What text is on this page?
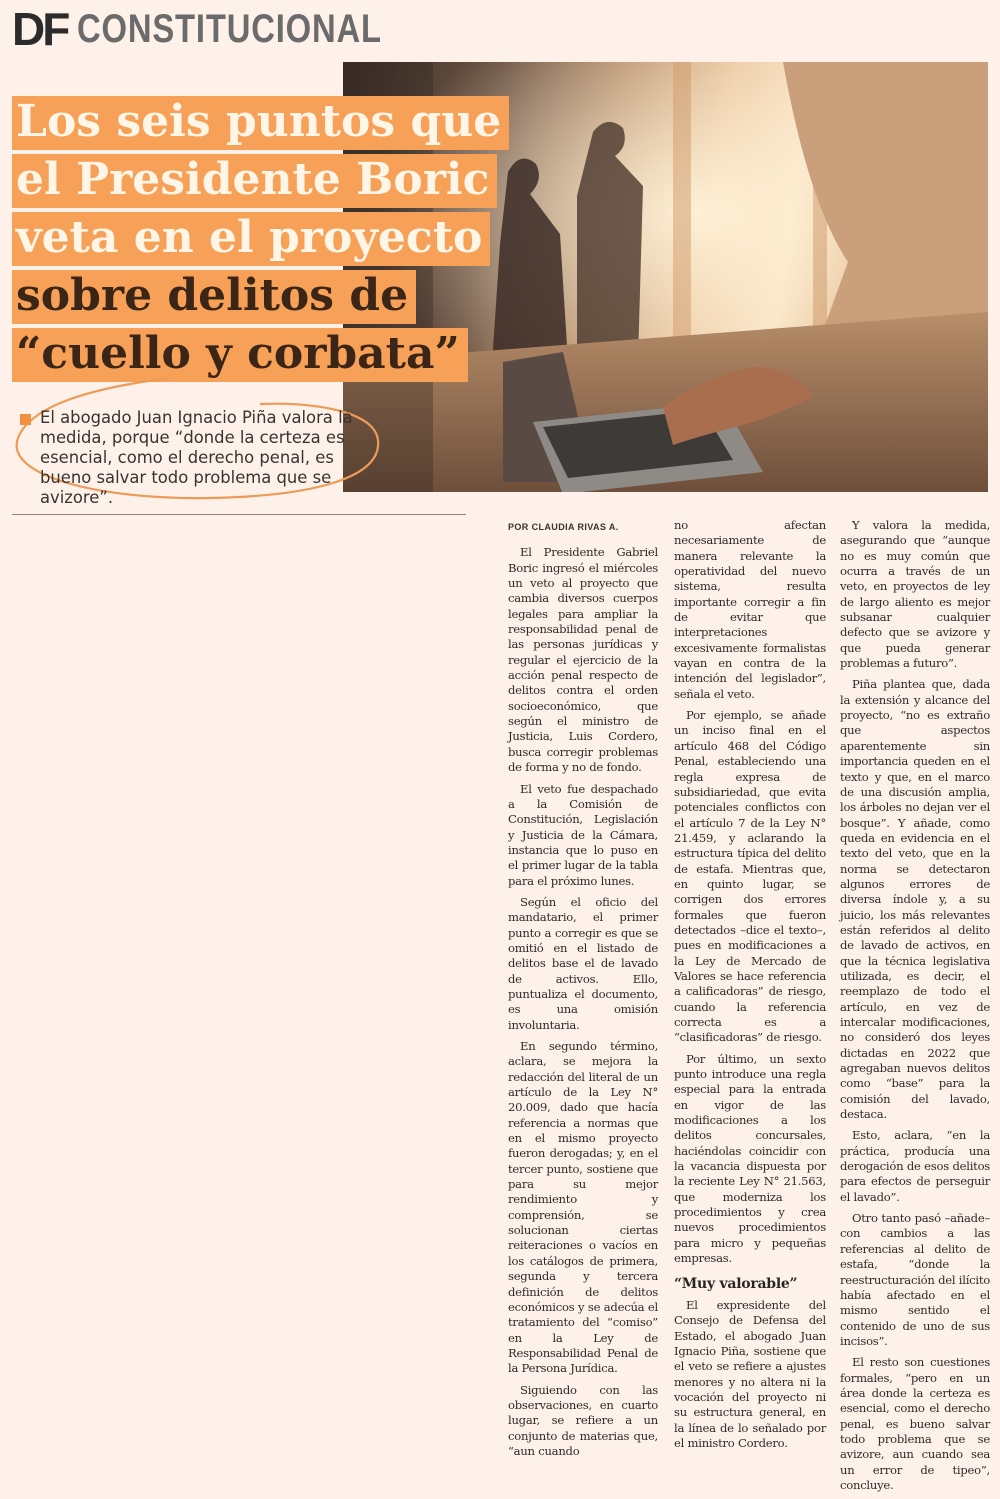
DF CONSTITUCIONAL
Los seis puntos que
el Presidente Boric
veta en el proyecto
sobre delitos de
“cuello y corbata”
El abogado Juan Ignacio Piña valora la medida, porque “donde la certeza es esencial, como el derecho penal, es bueno salvar todo problema que se avizore”.
POR CLAUDIA RIVAS A.

El Presidente Gabriel Boric ingresó el miércoles un veto al proyecto que cambia diversos cuerpos legales para ampliar la responsabilidad penal de las personas jurídicas y regular el ejercicio de la acción penal respecto de delitos contra el orden socioeconómico, que según el ministro de Justicia, Luis Cordero, busca corregir problemas de forma y no de fondo.

El veto fue despachado a la Comisión de Constitución, Legislación y Justicia de la Cámara, instancia que lo puso en el primer lugar de la tabla para el próximo lunes.

Según el oficio del mandatario, el primer punto a corregir es que se omitió en el listado de delitos base el de lavado de activos. Ello, puntualiza el documento, es una omisión involuntaria.

En segundo término, aclara, se mejora la redacción del literal de un artículo de la Ley N° 20.009, dado que hacía referencia a normas que en el mismo proyecto fueron derogadas; y, en el tercer punto, sostiene que para su mejor rendimiento y comprensión, se solucionan ciertas reiteraciones o vacíos en los catálogos de primera, segunda y tercera definición de delitos económicos y se adecúa el tratamiento del “comiso” en la Ley de Responsabilidad Penal de la Persona Jurídica.

Siguiendo con las observaciones, en cuarto lugar, se refiere a un conjunto de materias que, “aun cuando

no afectan necesariamente de manera relevante la operatividad del nuevo sistema, resulta importante corregir a fin de evitar que interpretaciones excesivamente formalistas vayan en contra de la intención del legislador”, señala el veto.

Por ejemplo, se añade un inciso final en el artículo 468 del Código Penal, estableciendo una regla expresa de subsidiariedad, que evita potenciales conflictos con el artículo 7 de la Ley N° 21.459, y aclarando la estructura típica del delito de estafa. Mientras que, en quinto lugar, se corrigen dos errores formales que fueron detectados –dice el texto–, pues en modificaciones a la Ley de Mercado de Valores se hace referencia a calificadoras” de riesgo, cuando la referencia correcta es a “clasificadoras” de riesgo.

Por último, un sexto punto introduce una regla especial para la entrada en vigor de las modificaciones a los delitos concursales, haciéndolas coincidir con la vacancia dispuesta por la reciente Ley N° 21.563, que moderniza los procedimientos y crea nuevos procedimientos para micro y pequeñas empresas.

“Muy valorable”

El expresidente del Consejo de Defensa del Estado, el abogado Juan Ignacio Piña, sostiene que el veto se refiere a ajustes menores y no altera ni la vocación del proyecto ni su estructura general, en la línea de lo señalado por el ministro Cordero.

Y valora la medida, asegurando que “aunque no es muy común que ocurra a través de un veto, en proyectos de ley de largo aliento es mejor subsanar cualquier defecto que se avizore y que pueda generar problemas a futuro”.

Piña plantea que, dada la extensión y alcance del proyecto, “no es extraño que aspectos aparentemente sin importancia queden en el texto y que, en el marco de una discusión amplia, los árboles no dejan ver el bosque”. Y añade, como queda en evidencia en el texto del veto, que en la norma se detectaron algunos errores de diversa índole y, a su juicio, los más relevantes están referidos al delito de lavado de activos, en que la técnica legislativa utilizada, es decir, el reemplazo de todo el artículo, en vez de intercalar modificaciones, no consideró dos leyes dictadas en 2022 que agregaban nuevos delitos como “base” para la comisión del lavado, destaca.

Esto, aclara, “en la práctica, producía una derogación de esos delitos para efectos de perseguir el lavado”.

Otro tanto pasó –añade– con cambios a las referencias al delito de estafa, “donde la reestructuración del ilícito había afectado en el mismo sentido el contenido de uno de sus incisos”.

El resto son cuestiones formales, “pero en un área donde la certeza es esencial, como el derecho penal, es bueno salvar todo problema que se avizore, aun cuando sea un error de tipeo”, concluye.
